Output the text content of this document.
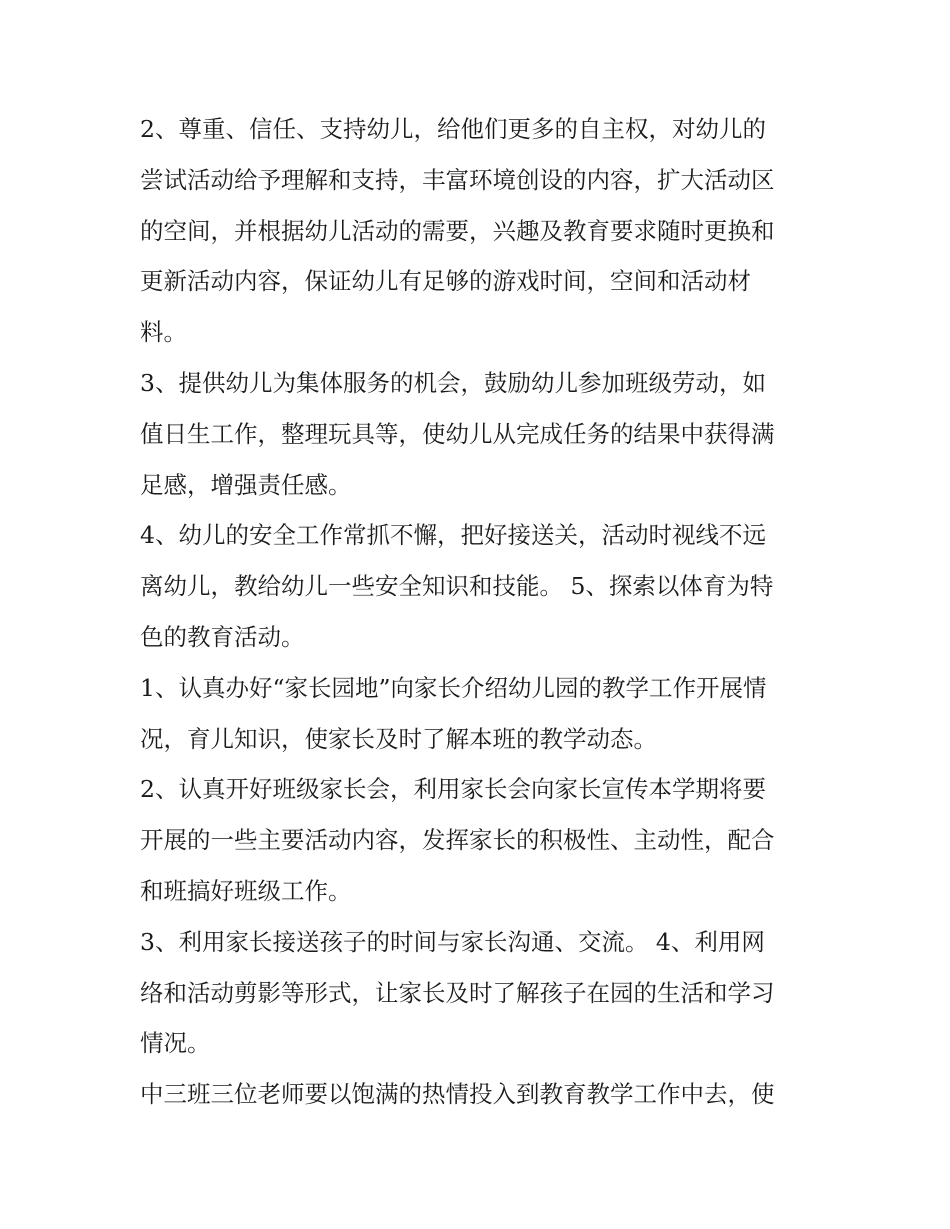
2、尊重、信任、支持幼儿，给他们更多的自主权，对幼儿的
尝试活动给予理解和支持，丰富环境创设的内容，扩大活动区
的空间，并根据幼儿活动的需要，兴趣及教育要求随时更换和
更新活动内容，保证幼儿有足够的游戏时间，空间和活动材
料。

3、提供幼儿为集体服务的机会，鼓励幼儿参加班级劳动，如
值日生工作，整理玩具等，使幼儿从完成任务的结果中获得满
足感，增强责任感。

4、幼儿的安全工作常抓不懈，把好接送关，活动时视线不远
离幼儿，教给幼儿一些安全知识和技能。 5、探索以体育为特
色的教育活动。

1、认真办好“家长园地”向家长介绍幼儿园的教学工作开展情
况，育儿知识，使家长及时了解本班的教学动态。

2、认真开好班级家长会，利用家长会向家长宣传本学期将要
开展的一些主要活动内容，发挥家长的积极性、主动性，配合
和班搞好班级工作。

3、利用家长接送孩子的时间与家长沟通、交流。 4、利用网
络和活动剪影等形式，让家长及时了解孩子在园的生活和学习
情况。

中三班三位老师要以饱满的热情投入到教育教学工作中去，使
